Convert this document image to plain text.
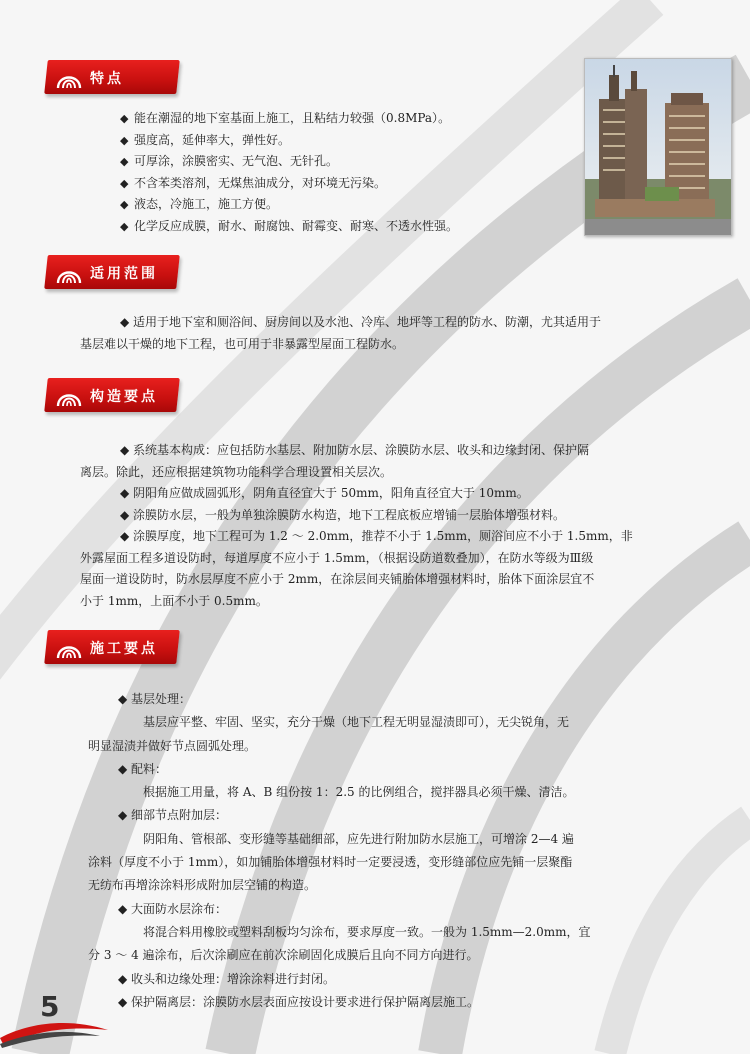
特点

◆ 能在潮湿的地下室基面上施工，且粘结力较强（0.8MPa）。

◆ 强度高，延伸率大，弹性好。

◆ 可厚涂，涂膜密实、无气泡、无针孔。

◆ 不含苯类溶剂，无煤焦油成分，对环境无污染。

◆ 液态，冷施工，施工方便。

◆ 化学反应成膜，耐水、耐腐蚀、耐霉变、耐寒、不透水性强。

适用范围

◆ 适用于地下室和厕浴间、厨房间以及水池、冷库、地坪等工程的防水、防潮，尤其适用于

基层难以干燥的地下工程，也可用于非暴露型屋面工程防水。

构造要点

◆ 系统基本构成：应包括防水基层、附加防水层、涂膜防水层、收头和边缘封闭、保护隔

离层。除此，还应根据建筑物功能科学合理设置相关层次。

◆ 阴阳角应做成圆弧形，阴角直径宜大于 50mm，阳角直径宜大于 10mm。

◆ 涂膜防水层，一般为单独涂膜防水构造，地下工程底板应增铺一层胎体增强材料。

◆ 涂膜厚度，地下工程可为 1.2 ～ 2.0mm，推荐不小于 1.5mm，厕浴间应不小于 1.5mm，非

外露屋面工程多道设防时，每道厚度不应小于 1.5mm，（根据设防道数叠加），在防水等级为Ⅲ级

屋面一道设防时，防水层厚度不应小于 2mm，在涂层间夹铺胎体增强材料时，胎体下面涂层宜不

小于 1mm，上面不小于 0.5mm。

施工要点

◆ 基层处理：

基层应平整、牢固、坚实，充分干燥（地下工程无明显湿渍即可），无尖锐角，无

明显湿渍并做好节点圆弧处理。

◆ 配料：

根据施工用量，将 A、B 组份按 1：2.5 的比例组合，搅拌器具必须干燥、清洁。

◆ 细部节点附加层：

阴阳角、管根部、变形缝等基础细部，应先进行附加防水层施工，可增涂 2—4 遍

涂料（厚度不小于 1mm），如加铺胎体增强材料时一定要浸透，变形缝部位应先铺一层聚酯

无纺布再增涂涂料形成附加层空铺的构造。

◆ 大面防水层涂布：

将混合料用橡胶或塑料刮板均匀涂布，要求厚度一致。一般为 1.5mm—2.0mm，宜

分 3 ～ 4 遍涂布，后次涂刷应在前次涂刷固化成膜后且向不同方向进行。

◆ 收头和边缘处理：增涂涂料进行封闭。

◆ 保护隔离层：涂膜防水层表面应按设计要求进行保护隔离层施工。

5
